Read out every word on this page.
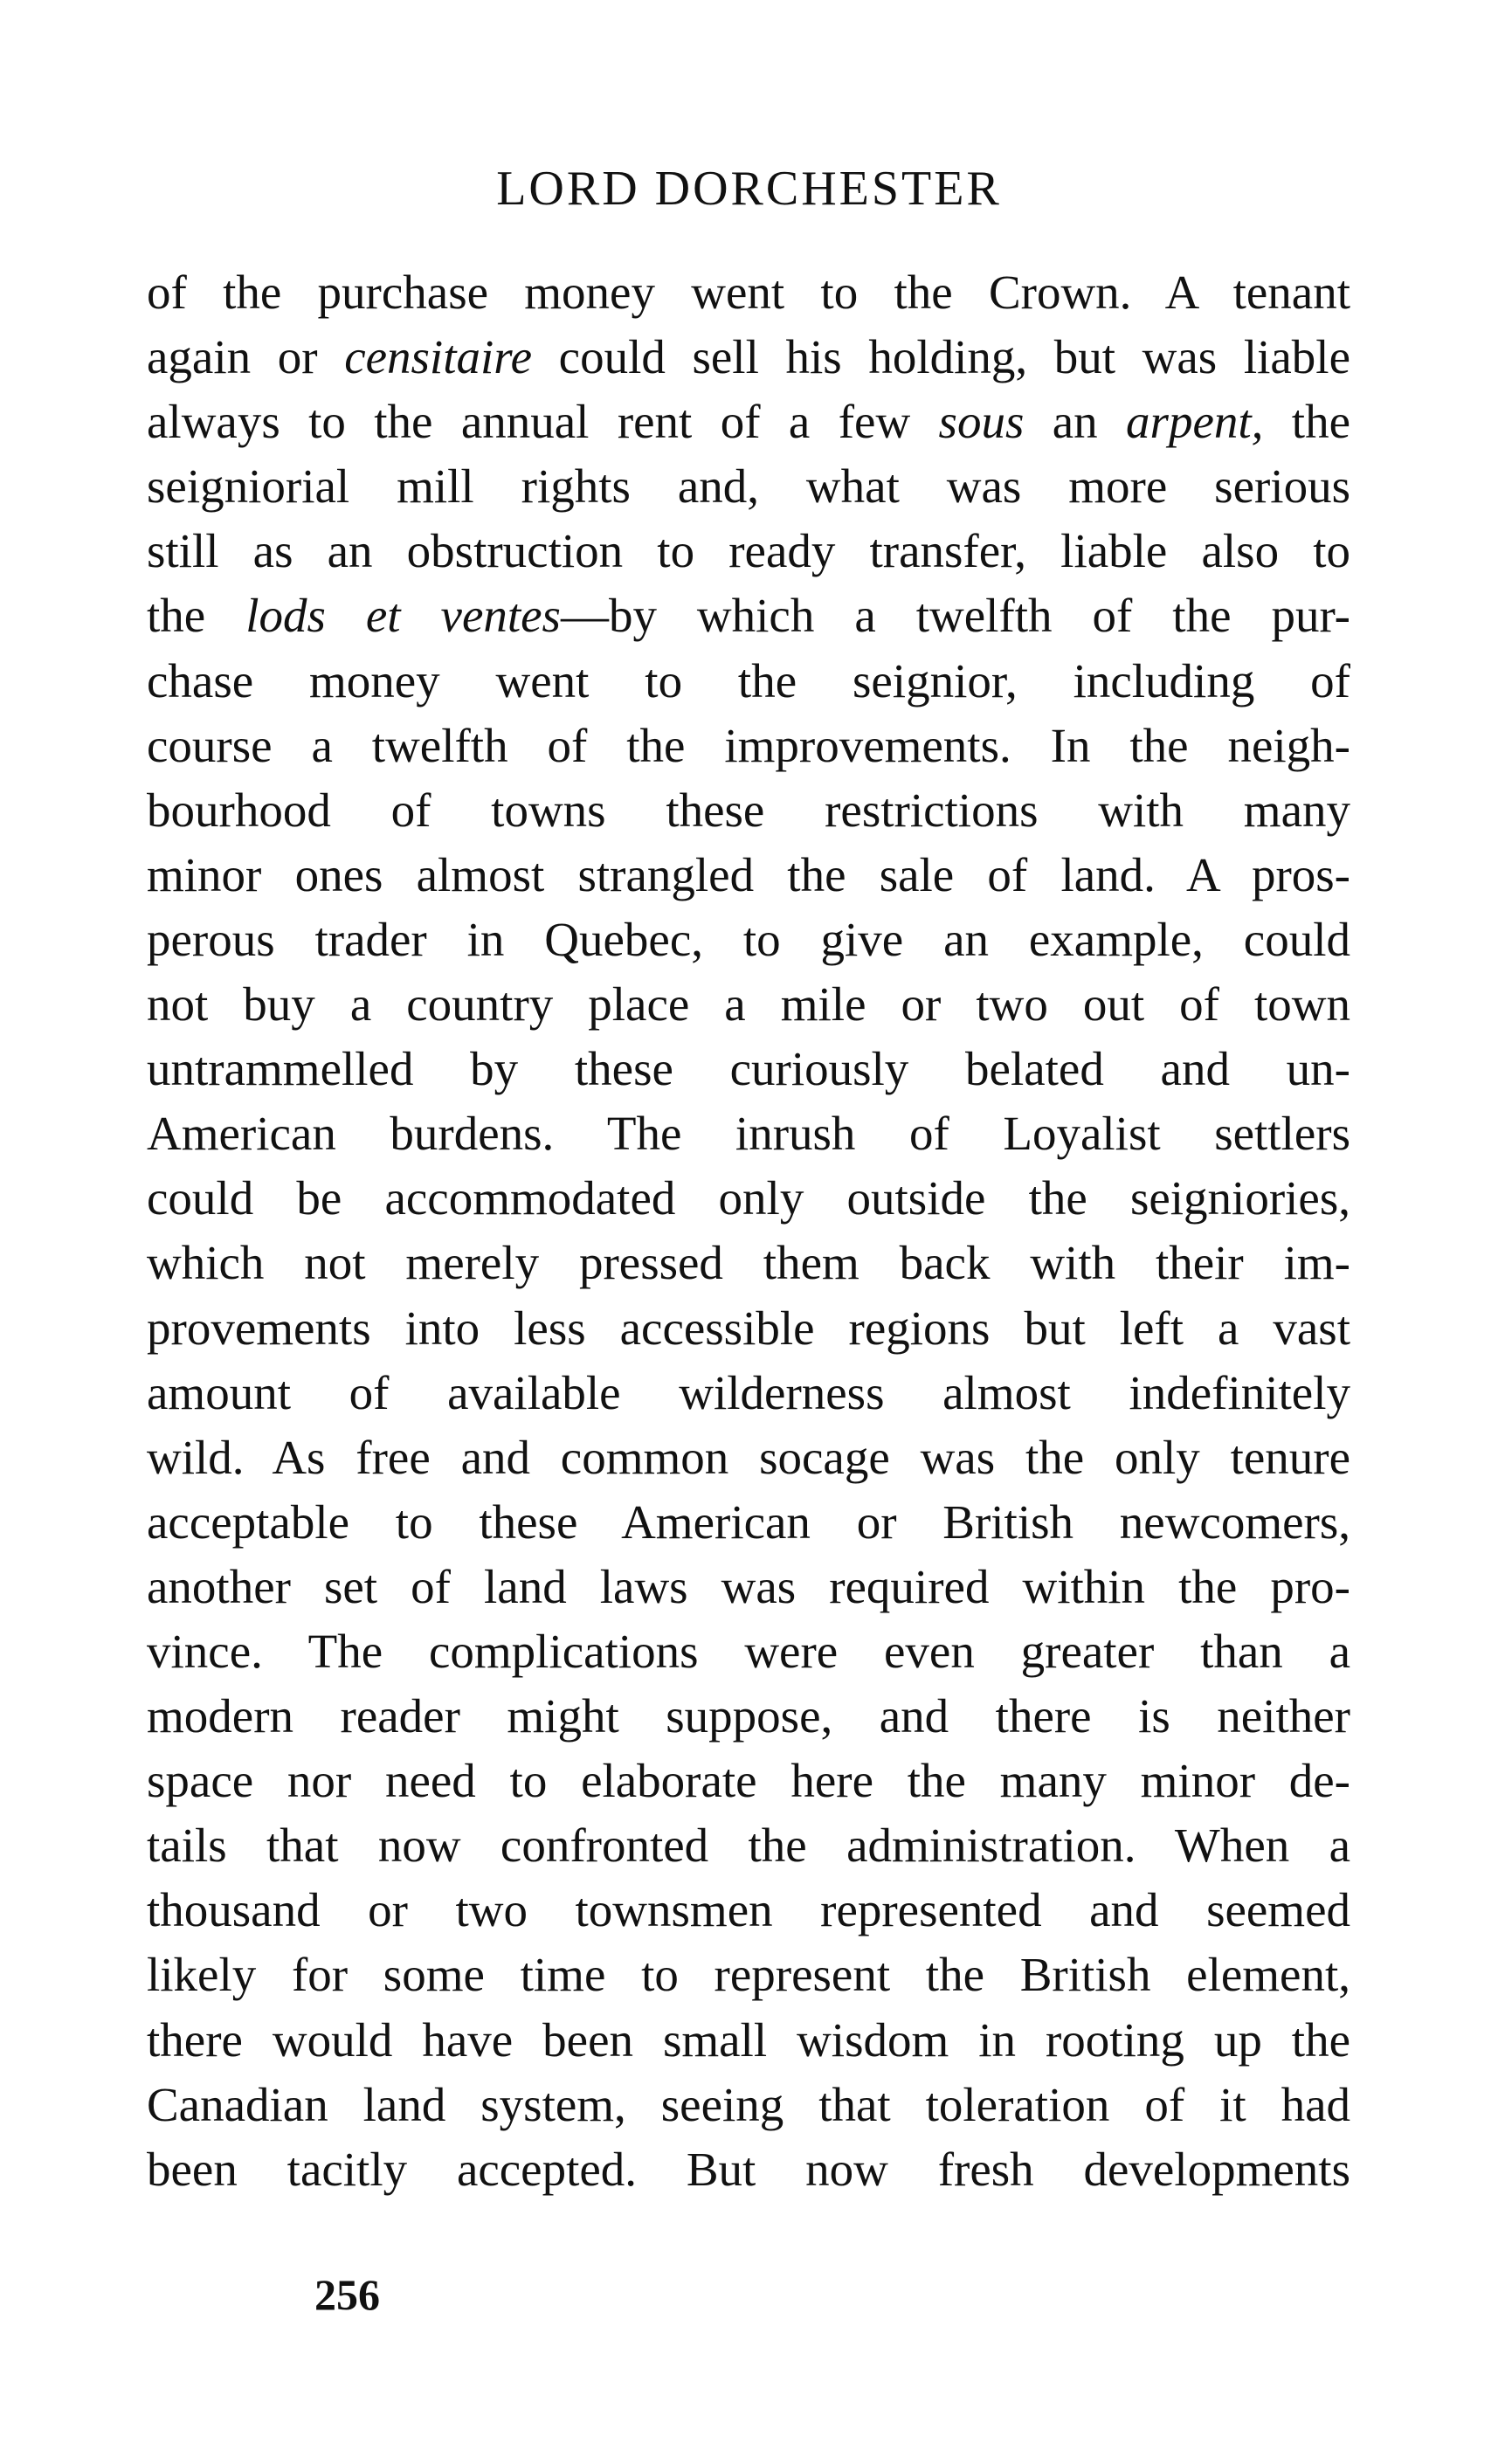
LORD DORCHESTER
of the purchase money went to the Crown. A tenant
again or censitaire could sell his holding, but was liable
always to the annual rent of a few sous an arpent, the
seigniorial mill rights and, what was more serious
still as an obstruction to ready transfer, liable also to
the lods et ventes—by which a twelfth of the pur-
chase money went to the seignior, including of
course a twelfth of the improvements. In the neigh-
bourhood of towns these restrictions with many
minor ones almost strangled the sale of land. A pros-
perous trader in Quebec, to give an example, could
not buy a country place a mile or two out of town
untrammelled by these curiously belated and un-
American burdens. The inrush of Loyalist settlers
could be accommodated only outside the seigniories,
which not merely pressed them back with their im-
provements into less accessible regions but left a vast
amount of available wilderness almost indefinitely
wild. As free and common socage was the only tenure
acceptable to these American or British newcomers,
another set of land laws was required within the pro-
vince. The complications were even greater than a
modern reader might suppose, and there is neither
space nor need to elaborate here the many minor de-
tails that now confronted the administration. When a
thousand or two townsmen represented and seemed
likely for some time to represent the British element,
there would have been small wisdom in rooting up the
Canadian land system, seeing that toleration of it had
been tacitly accepted. But now fresh developments
256
